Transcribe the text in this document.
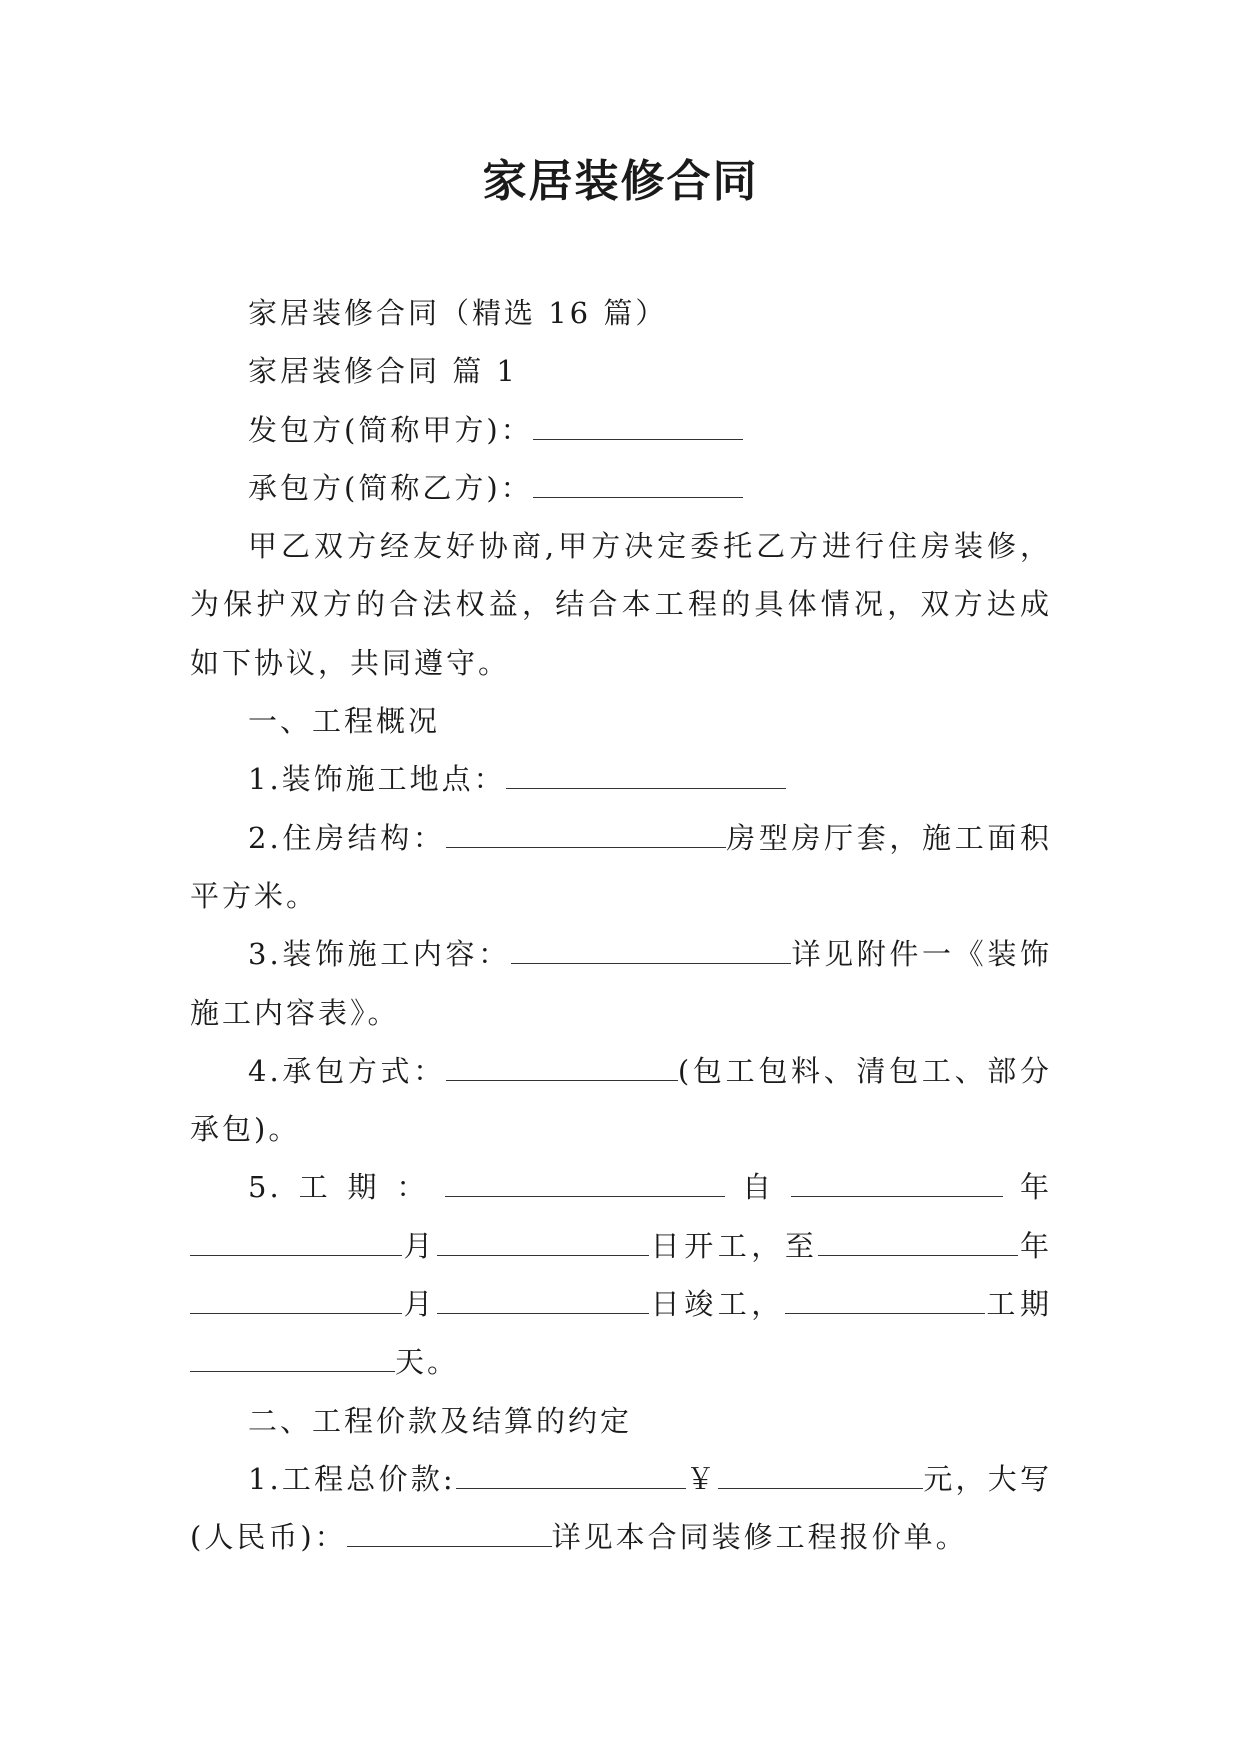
家居装修合同

家居装修合同（精选 16 篇）

家居装修合同 篇 1

发包方(简称甲方)：

承包方(简称乙方)：

甲乙双方经友好协商,甲方决定委托乙方进行住房装修，为保护双方的合法权益，结合本工程的具体情况，双方达成如下协议，共同遵守。

一、工程概况

1.装饰施工地点：

2.住房结构：	房型房厅套，施工面积平方米。

3.装饰施工内容：	详见附件一《装饰施工内容表》。

4.承包方式：	(包工包料、清包工、部分承包)。

5.工期：	自	年月	日开工，至	年月	日竣工，	工期天。

二、工程价款及结算的约定

1.工程总价款:	￥	元，大写(人民币)：	详见本合同装修工程报价单。
